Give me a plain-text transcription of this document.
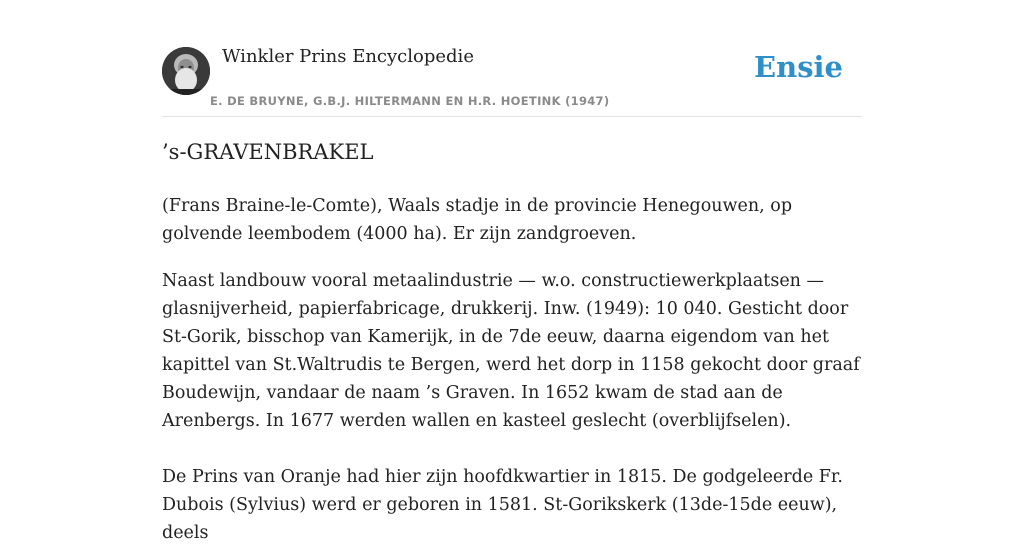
Winkler Prins Encyclopedie
E. DE BRUYNE, G.B.J. HILTERMANN EN H.R. HOETINK (1947)
Ensie
’s-GRAVENBRAKEL

(Frans Braine-le-Comte), Waals stadje in de provincie Henegouwen, op golvende leembodem (4000 ha). Er zijn zandgroeven.

Naast landbouw vooral metaalindustrie — w.o. constructiewerkplaatsen — glasnijverheid, papierfabricage, drukkerij. Inw. (1949): 10 040. Gesticht door St-Gorik, bisschop van Kamerijk, in de 7de eeuw, daarna eigendom van het kapittel van St.Waltrudis te Bergen, werd het dorp in 1158 gekocht door graaf Boudewijn, vandaar de naam ’s Graven. In 1652 kwam de stad aan de Arenbergs. In 1677 werden wallen en kasteel geslecht (overblijfselen).

De Prins van Oranje had hier zijn hoofdkwartier in 1815. De godgeleerde Fr. Dubois (Sylvius) werd er geboren in 1581. St-Gorikskerk (13de-15de eeuw), deels
